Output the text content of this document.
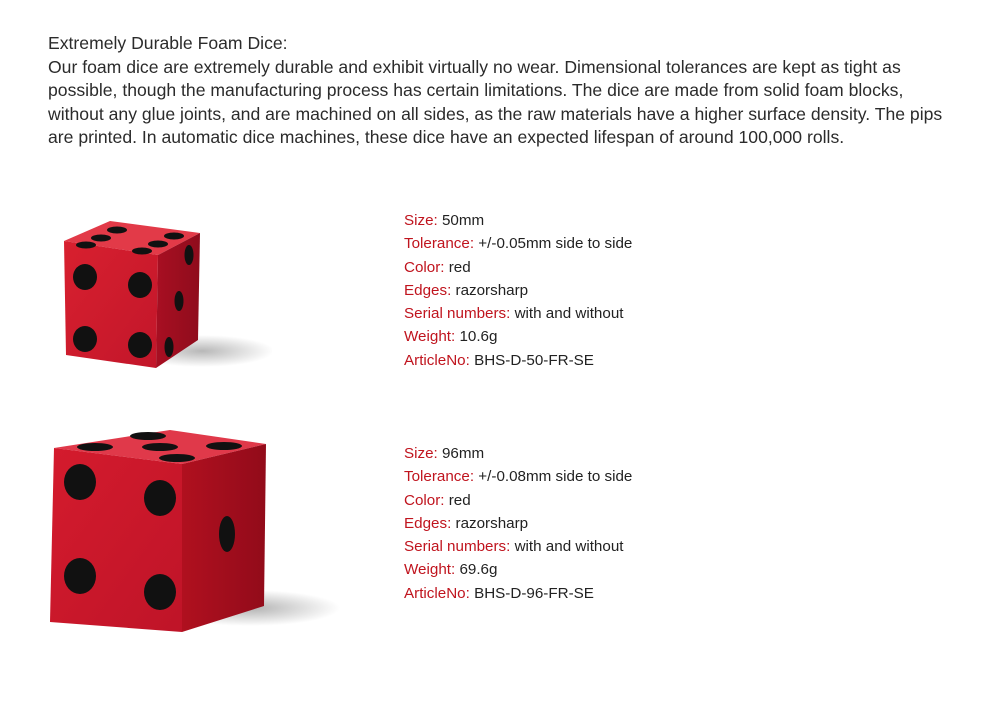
Extremely Durable Foam Dice:

Our foam dice are extremely durable and exhibit virtually no wear. Dimensional tolerances are kept as tight as possible, though the manufacturing process has certain limitations. The dice are made from solid foam blocks, without any glue joints, and are machined on all sides, as the raw materials have a higher surface density. The pips are printed. In automatic dice machines, these dice have an expected lifespan of around 100,000 rolls.

Size: 50mm
Tolerance: +/-0.05mm side to side
Color: red
Edges: razorsharp
Serial numbers: with and without
Weight: 10.6g
ArticleNo: BHS-D-50-FR-SE
Size: 96mm
Tolerance: +/-0.08mm side to side
Color: red
Edges: razorsharp
Serial numbers: with and without
Weight: 69.6g
ArticleNo: BHS-D-96-FR-SE
